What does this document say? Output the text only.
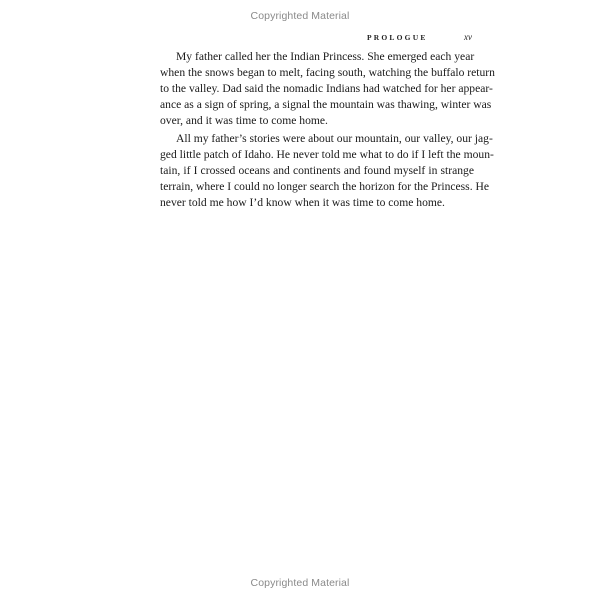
Copyrighted Material
PROLOGUE	xv
My father called her the Indian Princess. She emerged each year
when the snows began to melt, facing south, watching the buffalo return
to the valley. Dad said the nomadic Indians had watched for her appear-
ance as a sign of spring, a signal the mountain was thawing, winter was
over, and it was time to come home.
All my father’s stories were about our mountain, our valley, our jag-
ged little patch of Idaho. He never told me what to do if I left the moun-
tain, if I crossed oceans and continents and found myself in strange
terrain, where I could no longer search the horizon for the Princess. He
never told me how I’d know when it was time to come home.
Copyrighted Material
